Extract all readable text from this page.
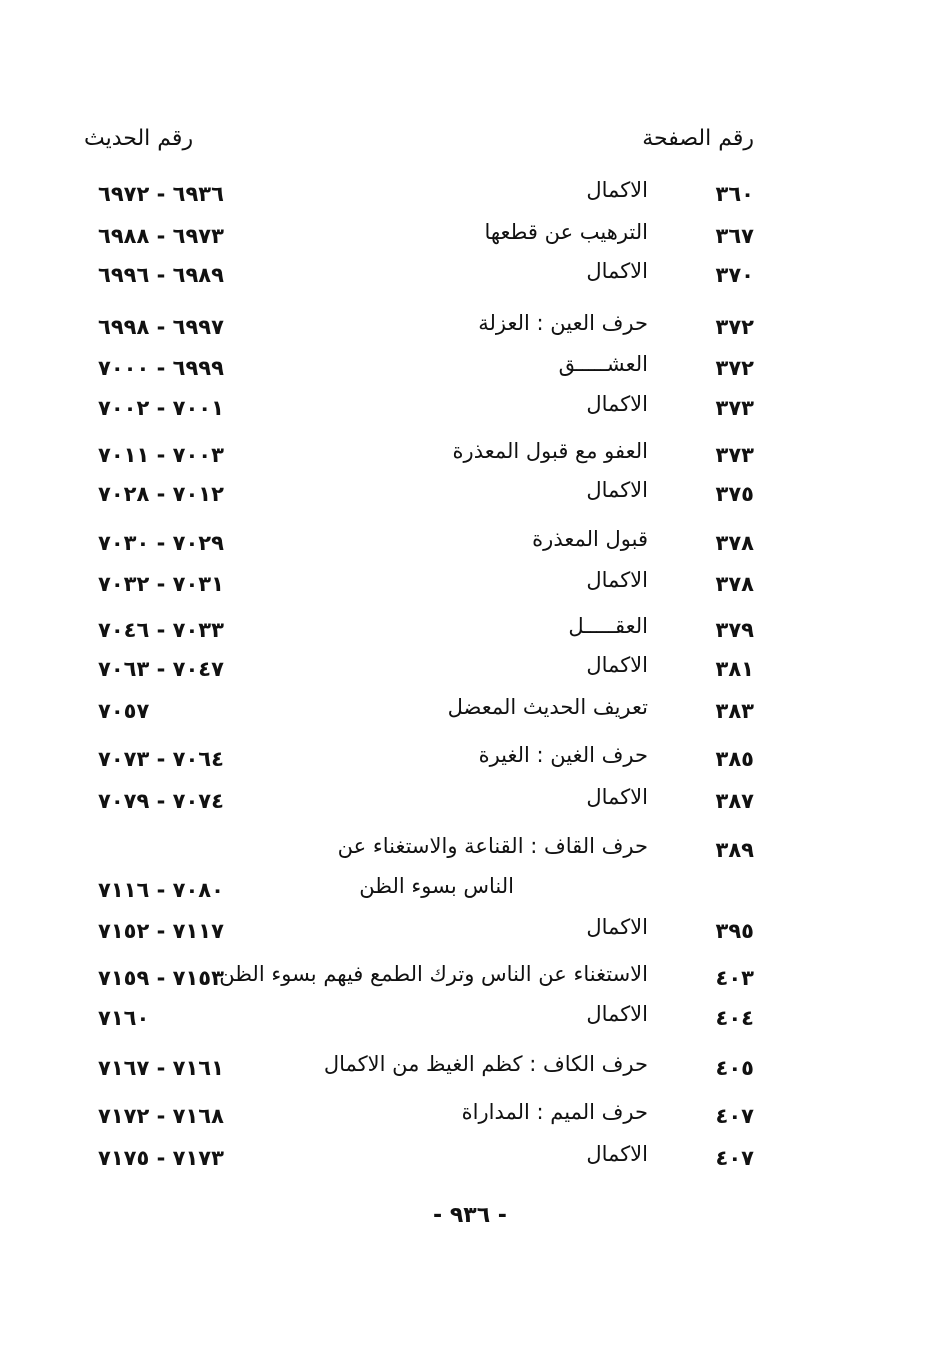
رقم الصفحة
رقم الحديث
٣٦٠
الاكمال
٦٩٣٦ - ٦٩٧٢
٣٦٧
الترهيب عن قطعها
٦٩٧٣ - ٦٩٨٨
٣٧٠
الاكمال
٦٩٨٩ - ٦٩٩٦
٣٧٢
حرف العين : العزلة
٦٩٩٧ - ٦٩٩٨
٣٧٢
العشـــــق
٦٩٩٩ - ٧٠٠٠
٣٧٣
الاكمال
٧٠٠١ - ٧٠٠٢
٣٧٣
العفو مع قبول المعذرة
٧٠٠٣ - ٧٠١١
٣٧٥
الاكمال
٧٠١٢ - ٧٠٢٨
٣٧٨
قبول المعذرة
٧٠٢٩ - ٧٠٣٠
٣٧٨
الاكمال
٧٠٣١ - ٧٠٣٢
٣٧٩
العقـــــل
٧٠٣٣ - ٧٠٤٦
٣٨١
الاكمال
٧٠٤٧ - ٧٠٦٣
٣٨٣
تعريف الحديث المعضل
٧٠٥٧
٣٨٥
حرف الغين : الغيرة
٧٠٦٤ - ٧٠٧٣
٣٨٧
الاكمال
٧٠٧٤ - ٧٠٧٩
٣٨٩
حرف القاف : القناعة والاستغناء عن
الناس بسوء الظن
٧٠٨٠ - ٧١١٦
٣٩٥
الاكمال
٧١١٧ - ٧١٥٢
٤٠٣
الاستغناء عن الناس وترك الطمع فيهم بسوء الظن
٧١٥٣ - ٧١٥٩
٤٠٤
الاكمال
٧١٦٠
٤٠٥
حرف الكاف : كظم الغيظ من الاكمال
٧١٦١ - ٧١٦٧
٤٠٧
حرف الميم : المداراة
٧١٦٨ - ٧١٧٢
٤٠٧
الاكمال
٧١٧٣ - ٧١٧٥
- ٩٣٦ -
